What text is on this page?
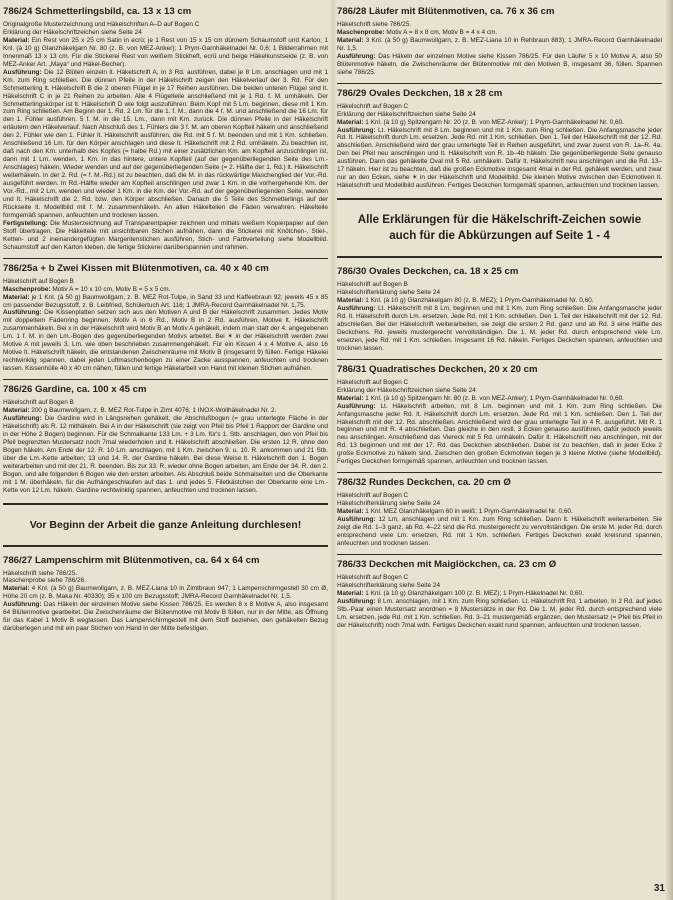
786/24 Schmetterlingsbild, ca. 13 x 13 cm

Originalgroße Musterzeichnung und Häkelschriften A–D auf Bogen C

Erklärung der Häkelschriftzeichen siehe Seite 24

Material: Ein Rest von 25 x 25 cm Satin in ecrü; je 1 Rest von 15 x 15 cm dünnem Schaumstoff und Karton; 1 Knl. (à 10 g) Glanzhäkelgarn Nr. 80 (z. B. von MEZ-Anker); 1 Prym-Garnhäkelnadel Nr. 0,6; 1 Bilderrahmen mit Innenmaß 13 x 13 cm. Für die Stickerei Rest von weißem Stickheft, ecrü und beige Häkelkunstseide (z. B. von MEZ-Anker Art. „Maya“ und Häkel-Becher).

Ausführung: Die 12 Blüten einzeln lt. Häkelschrift A, in 3 Rd. ausführen, dabei je 8 Lm. anschlagen und mit 1 Km. zum Ring schließen. Die dünnen Pfeile in der Häkelschrift zeigen den Häkelverlauf der 3. Rd. Für den Schmetterling lt. Häkelschrift B die 2 oberen Flügel in je 17 Reihen ausführen. Die beiden unteren Flügel sind lt. Häkelschrift C in je 21 Reihen zu arbeiten. Alle 4 Flügelteile anschließend mit je 1 Rd. f. M. umhäkeln. Der Schmetterlingskörper ist lt. Häkelschrift D wie folgt auszuführen: Beim Kopf mit 5 Lm. beginnen, diese mit 1 Km. zum Ring schließen. Am Beginn der 1. Rd. 2 Lm. für die 1. f. M., dann die 4 f. M. und anschließend die 16 Lm. für den 1. Fühler ausführen. 5 f. M. in die 15. Lm., dann mit Km. zurück. Die dünnen Pfeile in der Häkelschrift erläutern den Häkelverlauf. Nach Abschluß des 1. Fühlers die 3 f. M. am oberen Kopfteil häkeln und anschließend den 2. Fühler wie den 1. Fühler lt. Häkelschrift ausführen, die Rd. mit 5 f. M. beenden und mit 1 Km. schließen. Anschließend 16 Lm. für den Körper anschlagen und diese lt. Häkelschrift mit 2 Rd. umhäkeln. Zu beachten ist, daß nach den Km. unterhalb des Kopfes (= halbe Rd.) mit einer zusätzlichen Km. am Kopfteil anzuschlingen ist, dann mit 1 Lm. wenden, 1 Km. in das hintere, untere Kopfteil (auf der gegenüberliegenden Seite des Lm.-Anschlages) häkeln. Wieder wenden und auf der gegenüberliegenden Seite (= 2. Hälfte der 1. Rd.) lt. Häkelschrift weiterhäkeln. In der 2. Rd. (= f. M.-Rd.) ist zu beachten, daß die M. in das rückwärtige Maschenglied der Vor.-Rd. ausgeführt werden. In Rd.-Hälfte wieder am Kopfteil anschlingen und zwar 1 Km. in die vorhergehende Km. der Vor.-Rd., mit 2 Lm. wenden und wieder 1 Km. in die Km. der Vor.-Rd. auf der gegenüberliegenden Seite, wenden und lt. Häkelschrift die 2. Rd. bzw. den Körper abschließen. Danach die 5 Teile des Schmetterlings auf der Rückseite lt. Modellbild mit f. M. zusammenhäkeln. An allen Häkelteilen die Fäden verwahren. Häkelteile formgemäß spannen, anfeuchten und trocknen lassen.

Fertigstellung: Die Musterzeichnung auf Transparentpapier zeichnen und mittels weißem Kopierpapier auf den Stoff übertragen. Die Häkelteile mit unsichtbaren Stichen aufnähen, dann die Stickerei mit Knötchen-, Stiel-, Ketten- und 2 ineinandergefügten Margeritenstichen ausführen, Stich- und Farbverteilung siehe Modellbild. Schaumstoff auf den Karton kleben, die fertige Stickerei darüberspannen und rahmen.

786/25a + b Zwei Kissen mit Blütenmotiven, ca. 40 x 40 cm

Häkelschrift auf Bogen B

Maschenprobe: Motiv A = 10 x 10 cm, Motiv B = 5 x 5 cm.

Material: je 1 Knl. (à 50 g) Baumwollgarn, z. B. MEZ Rot-Tulpe, in Sand 33 und Kaffeebraun 92; jeweils 45 x 85 cm passender Bezugsstoff, z. B. Leibfried, Schülertuch Art. 116; 1 JMRA-Record Garnhäkelnadel Nr. 1,75.

Ausführung: Die Kissenplatten setzen sich aus den Motiven A und B der Häkelschrift zusammen. Jedes Motiv mit doppeltem Fadenring beginnen. Motiv A in 6 Rd., Motiv B in 2 Rd. ausführen, Motive lt. Häkelschrift zusammenhäkeln. Bei x in der Häkelschrift wird Motiv B an Motiv A gehäkelt, indem man statt der 4. angegebenen Lm. 1 f. M. in den Lm.-Bogen des gegenüberliegenden Motivs arbeitet. Bei ✶ in der Häkelschrift werden zwei Motive A mit jeweils 3. Lm. wie oben beschrieben zusammengehäkelt. Für ein Kissen 4 x 4 Motive A, also 16 Motive lt. Häkelschrift häkeln, die entstandenen Zwischenräume mit Motiv B (insgesamt 9) füllen. Fertige Häkelei rechtwinklig spannen, dabei jeden Luftmaschenbogen zu einer Zacke ausspannen, anfeuchten und trocknen lassen. Kissenhülle 40 x 40 cm nähen, füllen und fertige Häkelarbeit von Hand mit kleinen Stichen aufnähen.

786/26 Gardine, ca. 100 x 45 cm

Häkelschrift auf Bogen B

Material: 200 g Baumwollgarn, z. B. MEZ Rot-Tulpe in Zimt 4076; 1 INOX-Wollhäkelnadel Nr. 2.

Ausführung: Die Gardine wird in Längsreihen gehäkelt, die Abschlußbogen (= grau unterlegte Fläche in der Häkelschrift) als R. 12 mithäkeln. Bei A in der Häkelschrift (sie zeigt von Pfeil bis Pfeil 1 Rapport der Gardine und in der Höhe 2 Bogen) beginnen. Für die Schmalkante 133 Lm. + 3 Lm. für's 1. Stb. anschlagen, den von Pfeil bis Pfeil begrenzten Mustersatz noch 7mal wiederholen und lt. Häkelschrift abschließen. Die ersten 12 R. ohne den Bogen häkeln. Am Ende der 12. R. 10 Lm. anschlagen, mit 1 Km. zwischen 9. u. 10. R. ankommen und 21 Stb. über die Lm.-Kette arbeiten; 13 und 14. R. der Gardine häkeln. Bei diese Weise lt. Häkelschrift den 1. Bogen weiterarbeiten und mit der 21. R. beenden. Bis zur 33. R. wieder ohne Bogen arbeiten, am Ende der 34. R. den 2. Bogen, und alle folgenden 6 Bogen wie den ersten arbeiten. Als Abschluß beide Schmalseiten und die Oberkante mit 1 M. überhäkeln, für die Aufhängeschlaufen auf das 1. und jedes 5. Filetkästchen der Oberkante eine Lm.-Kette von 12 Lm. häkeln. Gardine rechtwinklig spannen, anfeuchten und trocknen lassen.

Vor Beginn der Arbeit die ganze Anleitung durchlesen!
786/27 Lampenschirm mit Blütenmotiven, ca. 64 x 64 cm

Häkelschrift siehe 786/25.

Maschenprobe siehe 786/26.

Material: 4 Knl. (à 50 g) Baumwollgarn, z. B. MEZ-Liana 10 in Zimtbraun 947; 1 Lampenschirmgestell 30 cm Ø, Höhe 20 cm (z. B. Maka Nr. 40330); 35 x 100 cm Bezugsstoff; JMRA-Record Garnhäkelnadel Nr. 1,5.

Ausführung: Das Häkeln der einzelnen Motive siehe Kissen 786/25. Es werden 8 x 8 Motive A, also insgesamt 64 Blütenmotive gearbeitet. Die Zwischenräume der Blütenmotive mit Motiv B füllen, nur in der Mitte, als Öffnung für das Kabel 1 Motiv B weglassen. Das Lampenschirmgestell mit dem Stoff beziehen, den gehäkelten Bezug darüberlegen und mit ein paar Stichen von Hand in der Mitte befestigen.

786/28 Läufer mit Blütenmotiven, ca. 76 x 36 cm

Häkelschrift siehe 786/25.

Maschenprobe: Motiv A = 8 x 8 cm, Motiv B = 4 x 4 cm.

Material: 3 Knl. (à 50 g) Baumwollgarn, z. B. MEZ-Liana 10 in Rehbraun 883); 1 JMRA-Record Garnhäkelnadel Nr. 1,5.

Ausführung: Das Häkeln der einzelnen Motive siehe Kissen 786/25. Für den Läufer 5 x 10 Motive A, also 50 Blütenmotive häkeln, die Zwischenräume der Blütenmotive mit den Motiven B, insgesamt 36, füllen. Spannen siehe 786/25.

786/29 Ovales Deckchen, 18 x 28 cm

Häkelschrift auf Bogen C

Erklärung der Häkelschriftzeichen siehe Seite 24

Material: 1 Knl. (à 10 g) Spitzengarn Nr. 20 (z. B. von MEZ-Anker); 1 Prym-Garnhäkelnadel Nr. 0,60.

Ausführung: Lt. Häkelschrift mit 8 Lm. beginnen und mit 1 Km. zum Ring schließen. Die Anfangsmasche jeder Rd. lt. Häkelschrift durch Lm. ersetzen. Jede Rd. mit 1 Km. schließen. Den 1. Teil der Häkelschrift mit der 12. Rd. abschließen. Anschließend wird der grau unterlegte Teil in Reihen ausgeführt, und zwar zuerst von R. 1a–R. 4a. Den bei Pfeil neu anschlingen und lt. Häkelschrift von R. 1b–4b häkeln. Die gegenüberliegende Seite genauso ausführen. Dann das gehäkelte Oval mit 5 Rd. umhäkeln. Dafür lt. Häkelschrift neu anschlingen und die Rd. 13–17 häkeln. Hier ist zu beachten, daß die großen Eckmotive insgesamt 4mal in der Rd. gehäkelt werden, und zwar nur an den Ecken, siehe ✶ in der Häkelschrift und Modellbild. Die kleinen Motive zwischen den Eckmotiven lt. Häkelschrift und Modellbild ausführen. Fertiges Deckchen formgemäß spannen, anfeuchten und trocknen lassen.

Alle Erklärungen für die Häkelschrift-Zeichen sowie auch für die Abkürzungen auf Seite 1 - 4
786/30 Ovales Deckchen, ca. 18 x 25 cm

Häkelschrift auf Bogen B

Häkelschrifterklärung siehe Seite 24

Material: 1 Knl. (à 10 g) Glanzhäkelgarn 80 (z. B. MEZ); 1 Prym-Garnhäkelnadel Nr. 0,60.

Ausführung: Lt. Häkelschrift mit 8 Lm. beginnen und mit 1 Km. zum Ring schließen. Die Anfangsmasche jeder Rd. lt. Häkelschrift durch Lm. ersetzen. Jede Rd. mit 1 Km. schließen. Den 1. Teil der Häkelschrift mit der 12. Rd. abschließen. Bei der Häkelschrift weiterarbeiten, sie zeigt die ersten 2 Rd. ganz und ab Rd. 3 eine Hälfte des Deckchens. Rd. jeweils mustergerecht vervollständigen. Die 1. M. jeder Rd. durch entsprechend viele Lm. ersetzen, jede Rd. mit 1 Km. schließen. Insgesamt 16 Rd. häkeln. Fertiges Deckchen spannen, anfeuchten und trocknen lassen.

786/31 Quadratisches Deckchen, 20 x 20 cm

Häkelschrift auf Bogen C

Erklärung der Häkelschriftzeichen siehe Seite 24

Material: 1 Knl. (à 10 g) Spitzengarn Nr. 80 (z. B. von MEZ-Anker); 1 Prym-Garnhäkelnadel Nr. 0,60.

Ausführung: Lt. Häkelschrift arbeiten, mit 8 Lm. beginnen und mit 1 Km. zum Ring schließen. Die Anfangsmasche jeder Rd. lt. Häkelschrift durch Lm. ersetzen. Jede Rd. mit 1 Km. schließen. Den 1. Teil der Häkelschrift mit der 12. Rd. abschließen. Anschließend wird der grau unterlegte Teil in 4 R. ausgeführt. Mit R. 1 beginnen und mit R. 4 abschließen. Das gleiche in den restl. 3 Ecken genauso ausführen, dafür jedoch jeweils neu anschlingen. Anschließend das Viereck mit 5 Rd. umhäkeln. Dafür lt. Häkelschrift neu anschlingen, mit der Rd. 13 beginnen und mit der 17. Rd. das Deckchen abschließen. Dabei ist zu beachten, daß in jeder Ecke 2 große Eckmotive zu häkeln sind. Zwischen den großen Eckmotiven liegen je 3 kleine Motive (siehe Modellbild). Fertiges Deckchen formgemäß spannen, anfeuchten und trocknen lassen.

786/32 Rundes Deckchen, ca. 20 cm Ø

Häkelschrift auf Bogen C

Häkelschrifterklärung siehe Seite 24

Material: 1 Knl. MEZ Glanzhäkelgarn 60 in weiß; 1 Prym-Garnhäkelnadel Nr. 0,60.

Ausführung: 12 Lm. anschlagen und mit 1 Km. zum Ring schließen. Dann lt. Häkelschrift weiterarbeiten. Sie zeigt die Rd. 1–3 ganz, ab Rd. 4–22 sind die Rd. mustergerecht zu vervollständigen. Die erste M. jeder Rd. durch entsprechend viele Lm. ersetzen, Rd. mit 1 Km. schließen. Fertiges Deckchen exakt kreisrund spannen, anfeuchten und trocknen lassen.

786/33 Deckchen mit Maiglöckchen, ca. 23 cm Ø

Häkelschrift auf Bogen C

Häkelschrifterklärung siehe Seite 24

Material: 1 Knl. (à 10 g) Glanzhäkelgarn 100 (z. B. MEZ); 1 Prym-Häkelnadel Nr. 0,60.

Ausführung: 8 Lm. anschlagen, mit 1 Km. zum Ring schließen. Lt. Häkelschrift Rd. 1 arbeiten. In 2 Rd. auf jedes Stb.-Paar einen Mustersatz anordnen = 8 Mustersätze in der Rd. Die 1. M. jeder Rd. durch entsprechend viele Lm. ersetzen, jede Rd. mit 1 Km. schließen. Rd. 3–21 mustergemäß ergänzen, den Mustersatz (= Pfeil bis Pfeil in der Häkelschrift) noch 7mal wdh. Fertiges Deckchen exakt rund spannen, anfeuchten und trocknen lassen.

31
